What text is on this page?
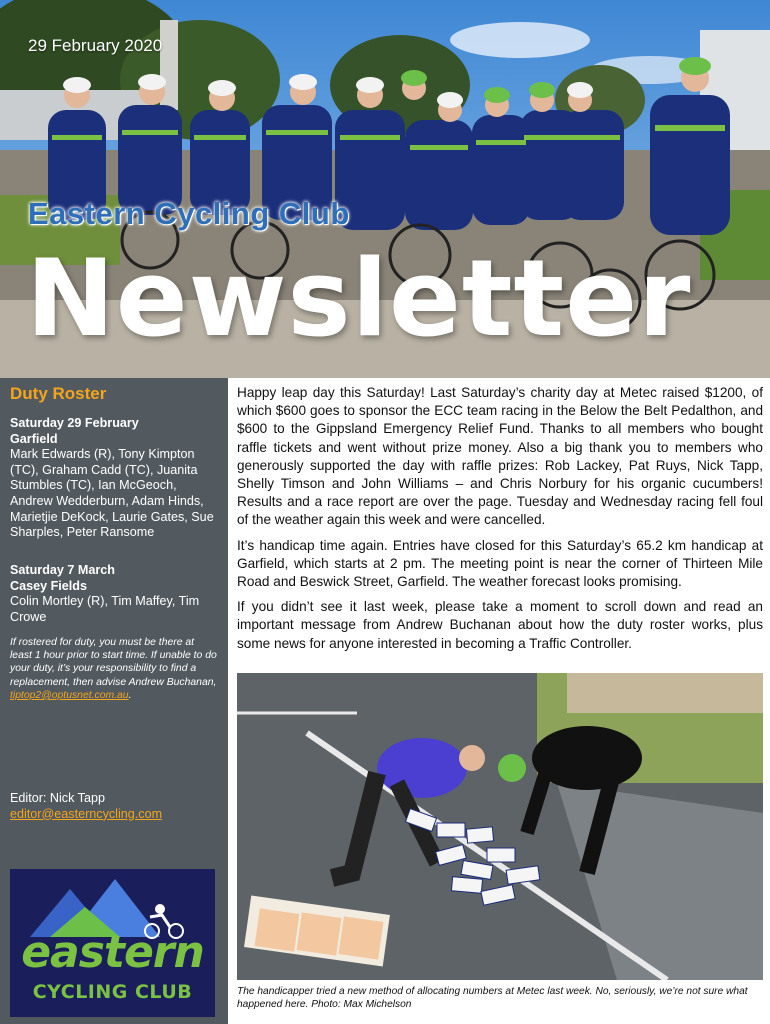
29 February 2020
Eastern Cycling Club
Newsletter
Duty Roster
Saturday 29 February
Garfield
Mark Edwards (R), Tony Kimpton (TC), Graham Cadd (TC), Juanita Stumbles (TC), Ian McGeoch, Andrew Wedderburn, Adam Hinds, Marietjie DeKock, Laurie Gates, Sue Sharples, Peter Ransome
Saturday 7 March
Casey Fields
Colin Mortley (R), Tim Maffey, Tim Crowe
If rostered for duty, you must be there at least 1 hour prior to start time. If unable to do your duty, it’s your responsibility to find a replacement, then advise Andrew Buchanan, tiptop2@optusnet.com.au.
Editor: Nick Tapp
editor@easterncycling.com
eastern
CYCLING CLUB

Happy leap day this Saturday! Last Saturday’s charity day at Metec raised $1200, of which $600 goes to sponsor the ECC team racing in the Below the Belt Pedalthon, and $600 to the Gippsland Emergency Relief Fund. Thanks to all members who bought raffle tickets and went without prize money. Also a big thank you to members who generously supported the day with raffle prizes: Rob Lackey, Pat Ruys, Nick Tapp, Shelly Timson and John Williams – and Chris Norbury for his organic cucumbers! Results and a race report are over the page. Tuesday and Wednesday racing fell foul of the weather again this week and were cancelled.

It’s handicap time again. Entries have closed for this Saturday’s 65.2 km handicap at Garfield, which starts at 2 pm. The meeting point is near the corner of Thirteen Mile Road and Beswick Street, Garfield. The weather forecast looks promising.

If you didn’t see it last week, please take a moment to scroll down and read an important message from Andrew Buchanan about how the duty roster works, plus some news for anyone interested in becoming a Traffic Controller.

The handicapper tried a new method of allocating numbers at Metec last week. No, seriously, we’re not sure what happened here. Photo: Max Michelson
